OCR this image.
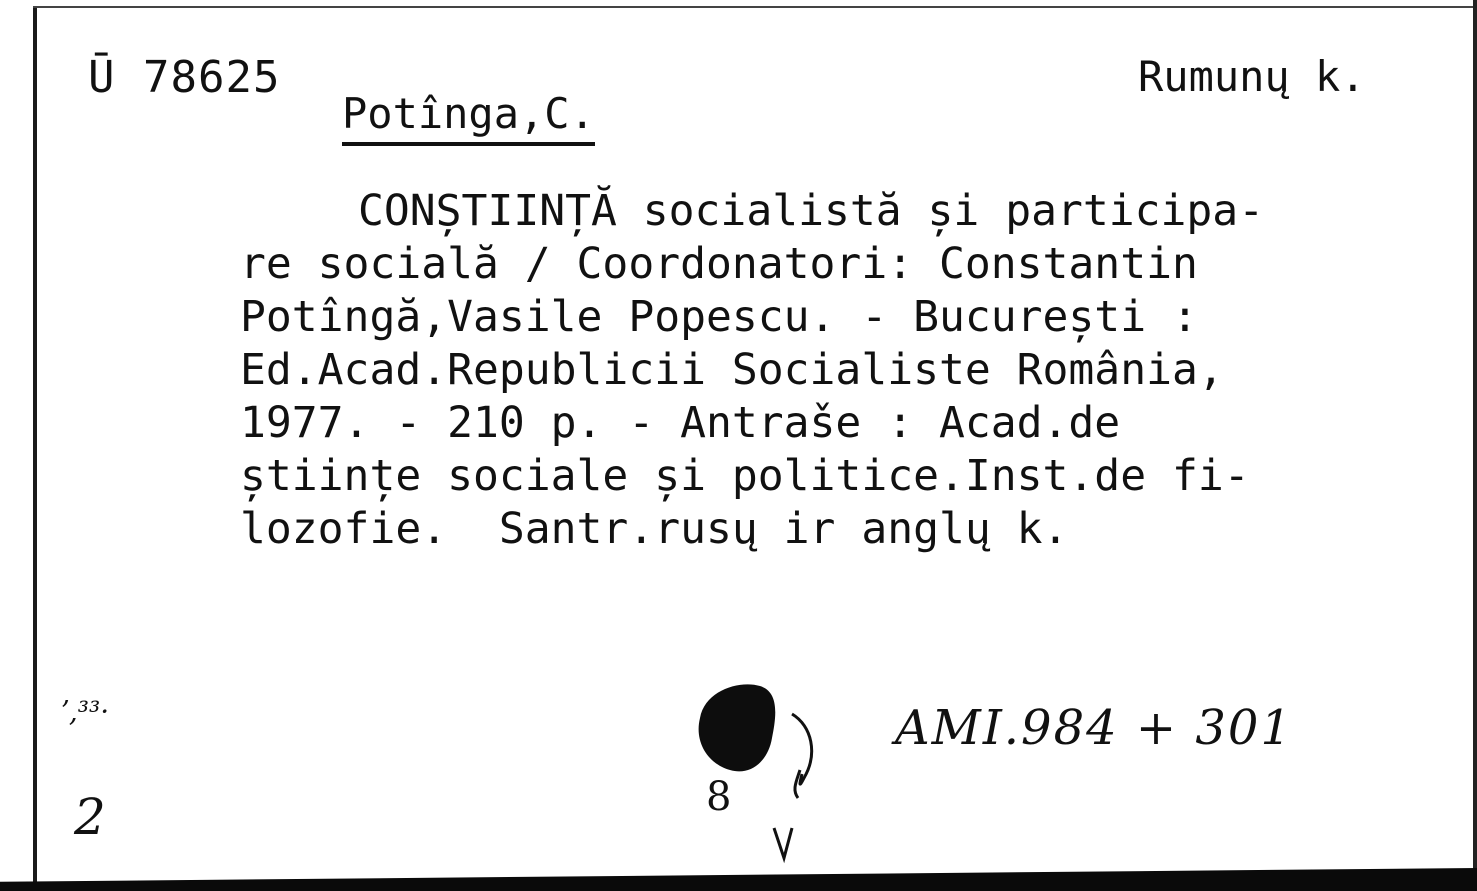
Ū 78625	Rumunų k.
Potînga,C.
CONȘTIINȚĂ socialistă și participa-
re socială / Coordonatori: Constantin
Potîngă,Vasile Popescu. - București :
Ed.Acad.Republicii Socialiste România,
1977. - 210 p. - Antrašе : Acad.de
științe sociale și politice.Inst.de fi-
lozofie.  Santr.rusų ir anglų k.
ʼ,³³·
2	8
AMI.984 + 301
